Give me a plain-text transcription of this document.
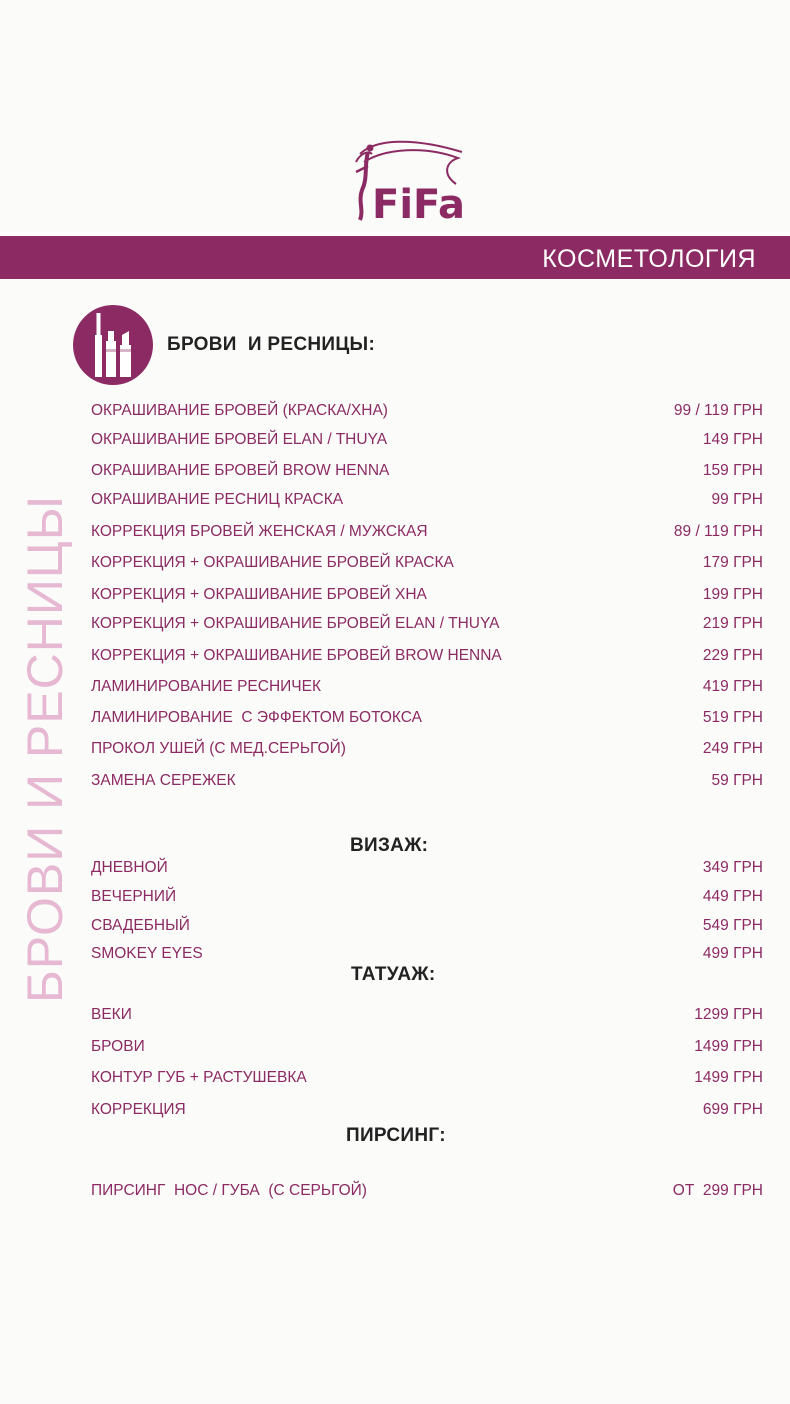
FiFa
КОСМЕТОЛОГИЯ
БРОВИ И РЕСНИЦЫ
БРОВИ  И РЕСНИЦЫ:
ВИЗАЖ:
ТАТУАЖ:
ПИРСИНГ:
ОКРАШИВАНИЕ БРОВЕЙ (КРАСКА/ХНА)	99 / 119 ГРН
ОКРАШИВАНИЕ БРОВЕЙ ELAN / THUYA	149 ГРН
ОКРАШИВАНИЕ БРОВЕЙ BROW HENNA	159 ГРН
ОКРАШИВАНИЕ РЕСНИЦ КРАСКА	99 ГРН
КОРРЕКЦИЯ БРОВЕЙ ЖЕНСКАЯ / МУЖСКАЯ	89 / 119 ГРН
КОРРЕКЦИЯ + ОКРАШИВАНИЕ БРОВЕЙ КРАСКА	179 ГРН
КОРРЕКЦИЯ + ОКРАШИВАНИЕ БРОВЕЙ ХНА	199 ГРН
КОРРЕКЦИЯ + ОКРАШИВАНИЕ БРОВЕЙ ELAN / THUYA	219 ГРН
КОРРЕКЦИЯ + ОКРАШИВАНИЕ БРОВЕЙ BROW HENNA	229 ГРН
ЛАМИНИРОВАНИЕ РЕСНИЧЕК	419 ГРН
ЛАМИНИРОВАНИЕ  С ЭФФЕКТОМ БОТОКСА	519 ГРН
ПРОКОЛ УШЕЙ (С МЕД.СЕРЬГОЙ)	249 ГРН
ЗАМЕНА СЕРЕЖЕК	59 ГРН
ДНЕВНОЙ	349 ГРН
ВЕЧЕРНИЙ	449 ГРН
СВАДЕБНЫЙ	549 ГРН
SMOKEY EYES	499 ГРН
ВЕКИ	1299 ГРН
БРОВИ	1499 ГРН
КОНТУР ГУБ + РАСТУШЕВКА	1499 ГРН
КОРРЕКЦИЯ	699 ГРН
ПИРСИНГ  НОС / ГУБА  (С СЕРЬГОЙ)	ОТ  299 ГРН
